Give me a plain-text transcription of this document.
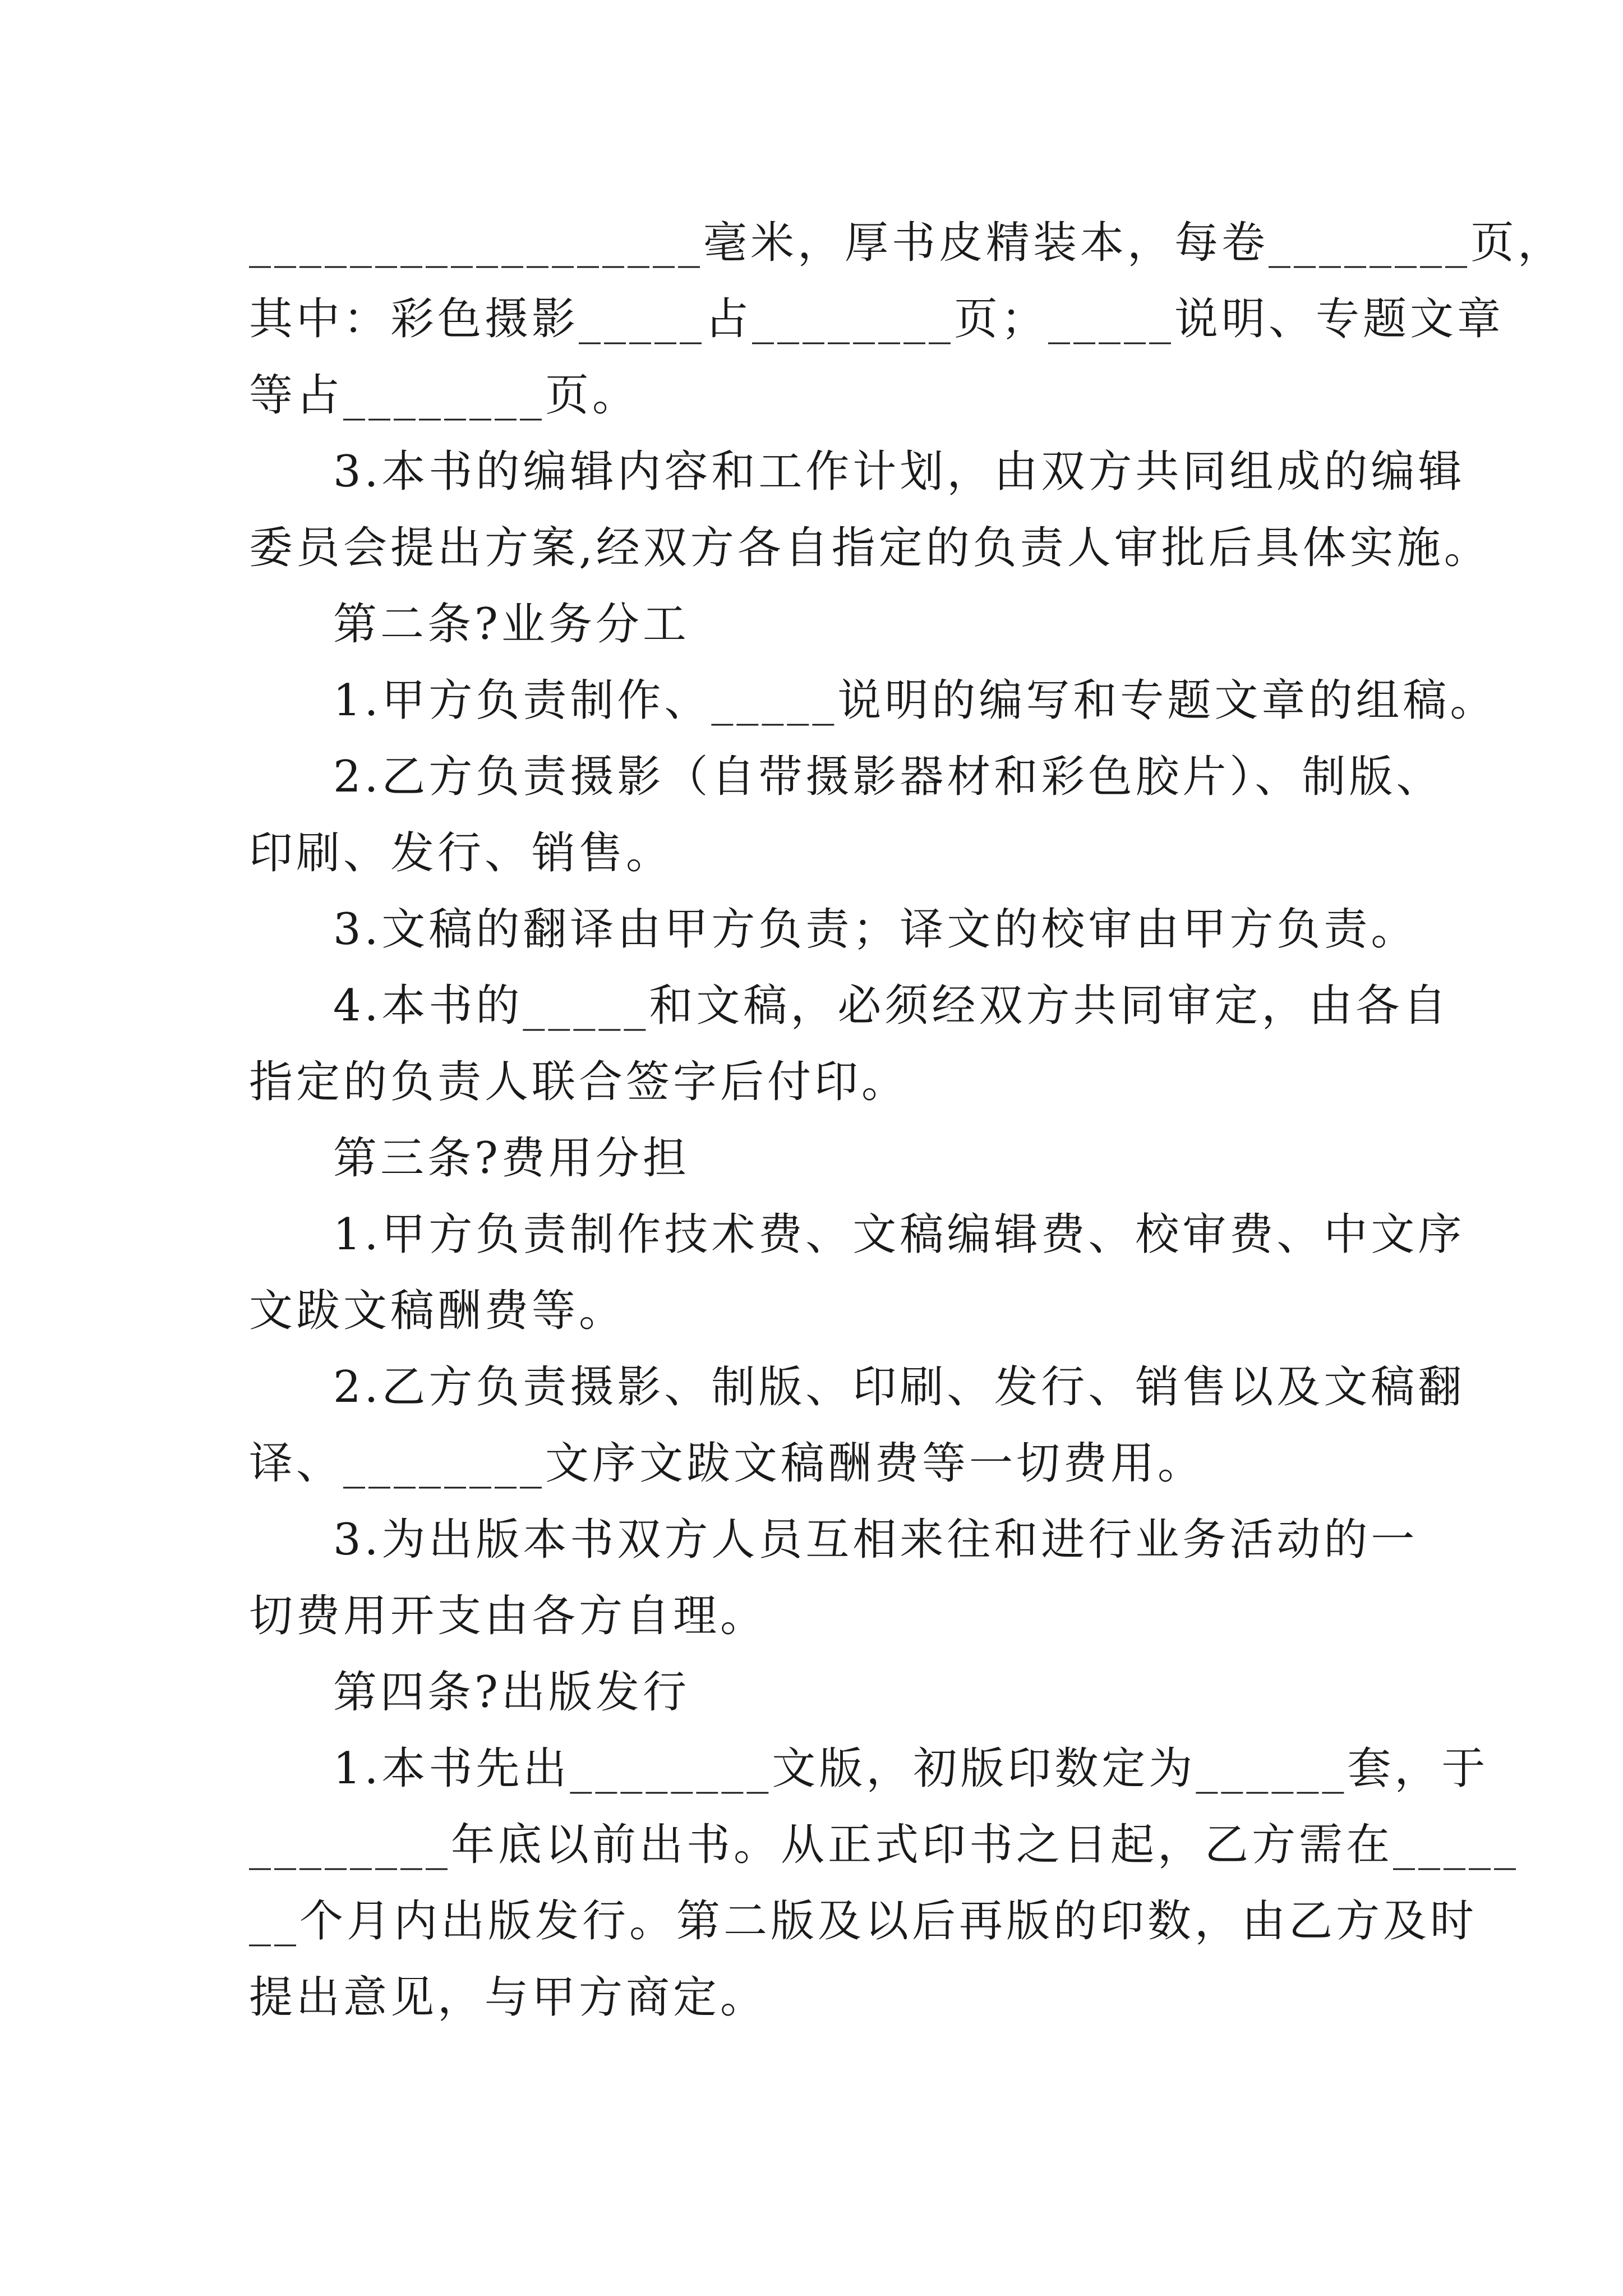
__________________毫米，厚书皮精装本，每卷________页，
其中：彩色摄影_____占________页；_____说明、专题文章
等占________页。
3.本书的编辑内容和工作计划，由双方共同组成的编辑
委员会提出方案,经双方各自指定的负责人审批后具体实施。
第二条?业务分工
1.甲方负责制作、_____说明的编写和专题文章的组稿。
2.乙方负责摄影（自带摄影器材和彩色胶片）、制版、
印刷、发行、销售。
3.文稿的翻译由甲方负责；译文的校审由甲方负责。
4.本书的_____和文稿，必须经双方共同审定，由各自
指定的负责人联合签字后付印。
第三条?费用分担
1.甲方负责制作技术费、文稿编辑费、校审费、中文序
文跋文稿酬费等。
2.乙方负责摄影、制版、印刷、发行、销售以及文稿翻
译、________文序文跋文稿酬费等一切费用。
3.为出版本书双方人员互相来往和进行业务活动的一
切费用开支由各方自理。
第四条?出版发行
1.本书先出________文版，初版印数定为______套，于
________年底以前出书。从正式印书之日起，乙方需在_____
__个月内出版发行。第二版及以后再版的印数，由乙方及时
提出意见，与甲方商定。
